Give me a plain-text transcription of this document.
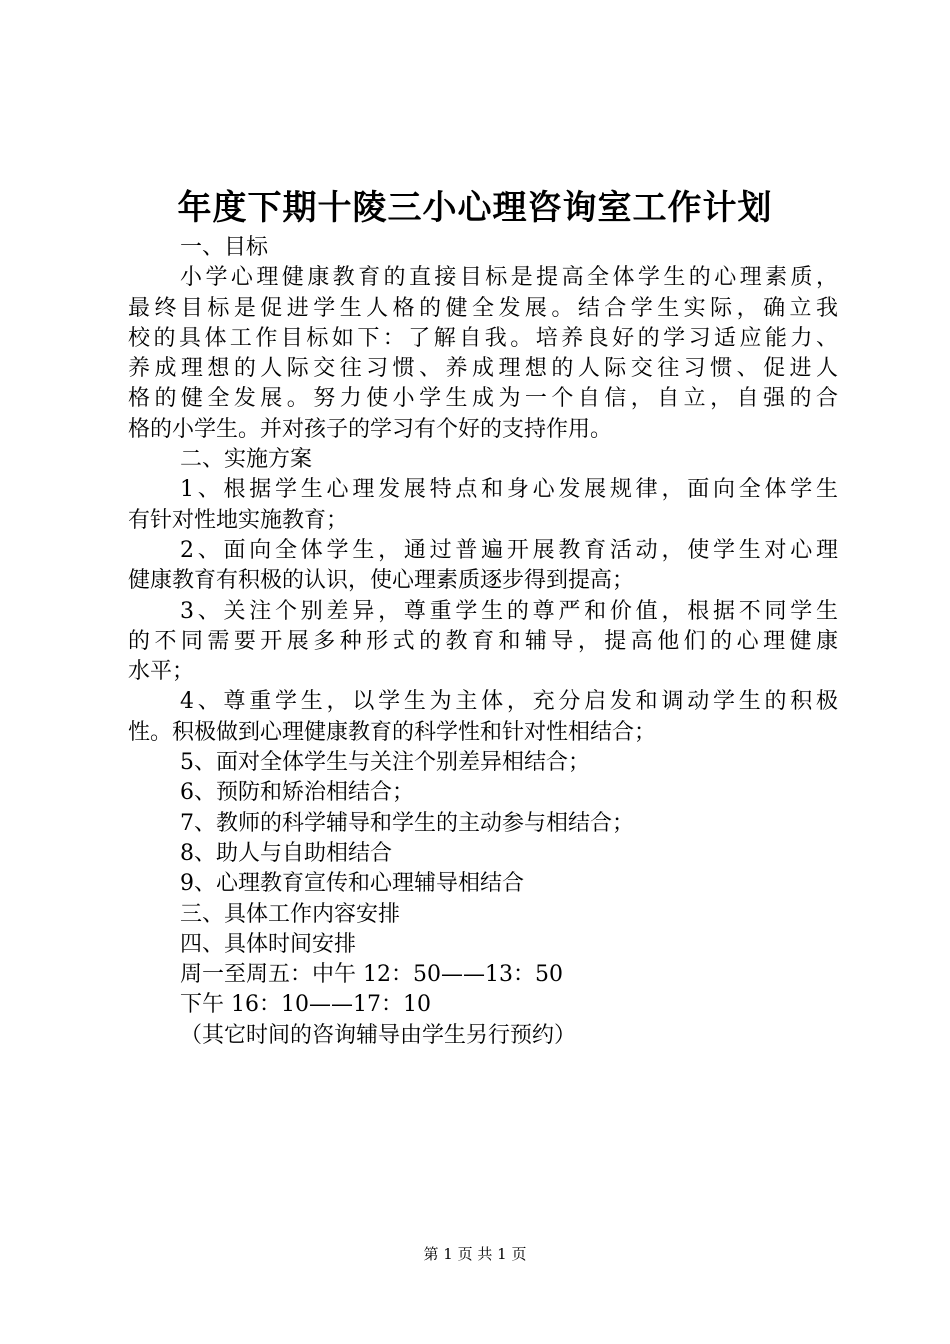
年度下期十陵三小心理咨询室工作计划
一、目标
小学心理健康教育的直接目标是提高全体学生的心理素质，
最终目标是促进学生人格的健全发展。结合学生实际，确立我
校的具体工作目标如下：了解自我。培养良好的学习适应能力、
养成理想的人际交往习惯、养成理想的人际交往习惯、促进人
格的健全发展。努力使小学生成为一个自信，自立，自强的合
格的小学生。并对孩子的学习有个好的支持作用。
二、实施方案
1、根据学生心理发展特点和身心发展规律，面向全体学生
有针对性地实施教育；
2、面向全体学生，通过普遍开展教育活动，使学生对心理
健康教育有积极的认识，使心理素质逐步得到提高；
3、关注个别差异，尊重学生的尊严和价值，根据不同学生
的不同需要开展多种形式的教育和辅导，提高他们的心理健康
水平；
4、尊重学生，以学生为主体，充分启发和调动学生的积极
性。积极做到心理健康教育的科学性和针对性相结合；
5、面对全体学生与关注个别差异相结合；
6、预防和矫治相结合；
7、教师的科学辅导和学生的主动参与相结合；
8、助人与自助相结合
9、心理教育宣传和心理辅导相结合
三、具体工作内容安排
四、具体时间安排
周一至周五：中午 12：50——13：50
下午 16：10——17：10
（其它时间的咨询辅导由学生另行预约）
第 1 页 共 1 页
